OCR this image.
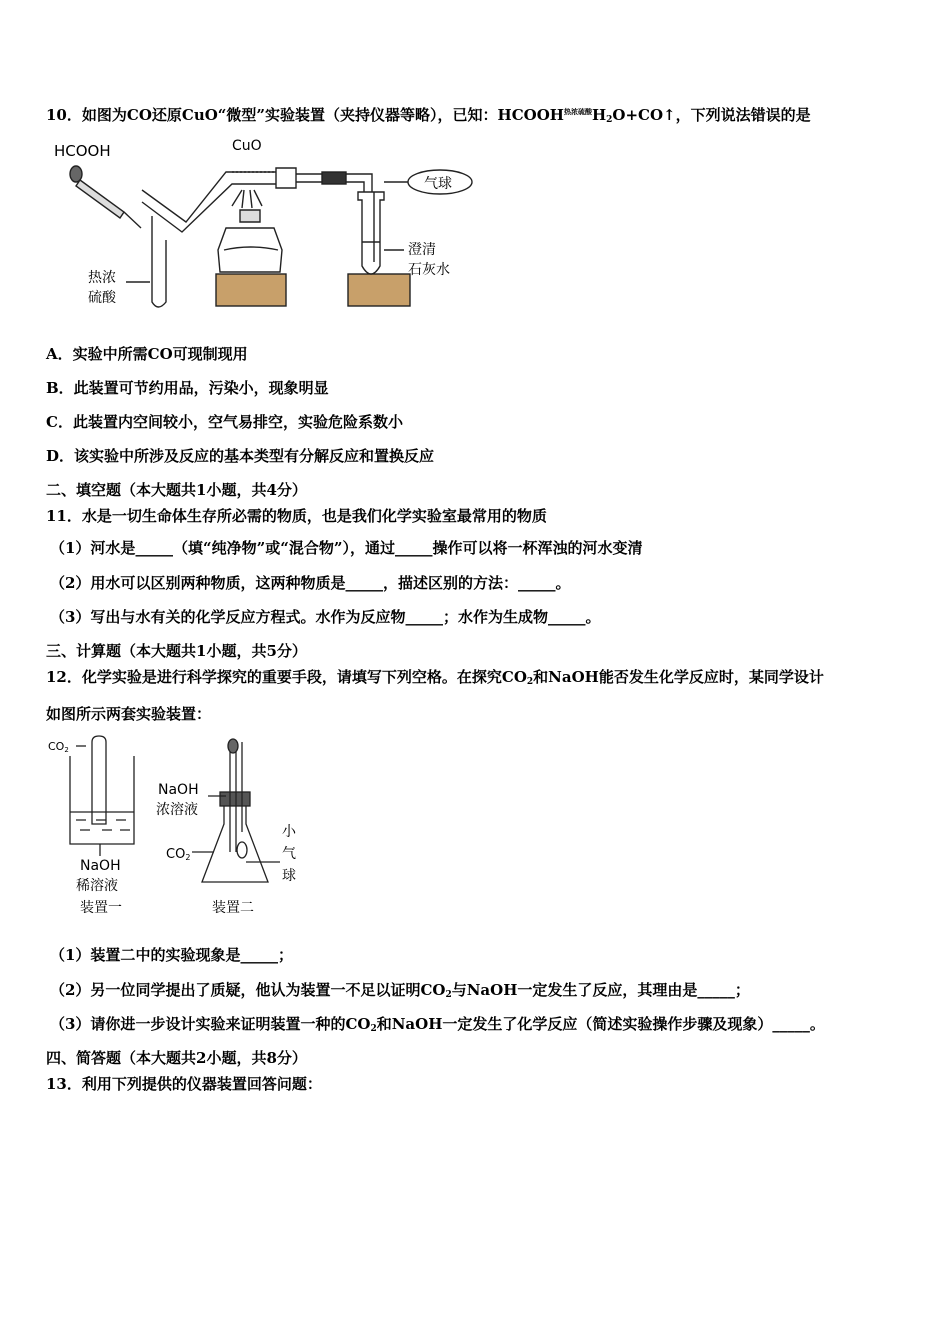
10．如图为CO还原CuO“微型”实验装置（夹持仪器等略），已知：$HCOOH^{热浓硫酸}H_2O+CO↑$，下列说法错误的是
HCOOH	CuO
气球
热浓
硫酸
澄清
石灰水
A．实验中所需CO可现制现用
B．此装置可节约用品，污染小，现象明显
C．此装置内空间较小，空气易排空，实验危险系数小
D．该实验中所涉及反应的基本类型有分解反应和置换反应
二、填空题（本大题共1小题，共4分）
11．水是一切生命体生存所必需的物质，也是我们化学实验室最常用的物质
（1）河水是_____（填“纯净物”或“混合物”），通过_____操作可以将一杯浑浊的河水变清
（2）用水可以区别两种物质，这两种物质是_____，描述区别的方法：_____。
（3）写出与水有关的化学反应方程式。水作为反应物_____；水作为生成物_____。
三、计算题（本大题共1小题，共5分）
12．化学实验是进行科学探究的重要手段，请填写下列空格。在探究$CO_2$和NaOH能否发生化学反应时，某同学设计
如图所示两套实验装置：
CO2
NaOH
稀溶液
装置一
NaOH
浓溶液
CO2
小
气
球
装置二
（1）装置二中的实验现象是_____；
（2）另一位同学提出了质疑，他认为装置一不足以证明$CO_2$与NaOH一定发生了反应，其理由是_____；
（3）请你进一步设计实验来证明装置一种的$CO_2$和NaOH一定发生了化学反应（简述实验操作步骤及现象）_____。
四、简答题（本大题共2小题，共8分）
13．利用下列提供的仪器装置回答问题：
